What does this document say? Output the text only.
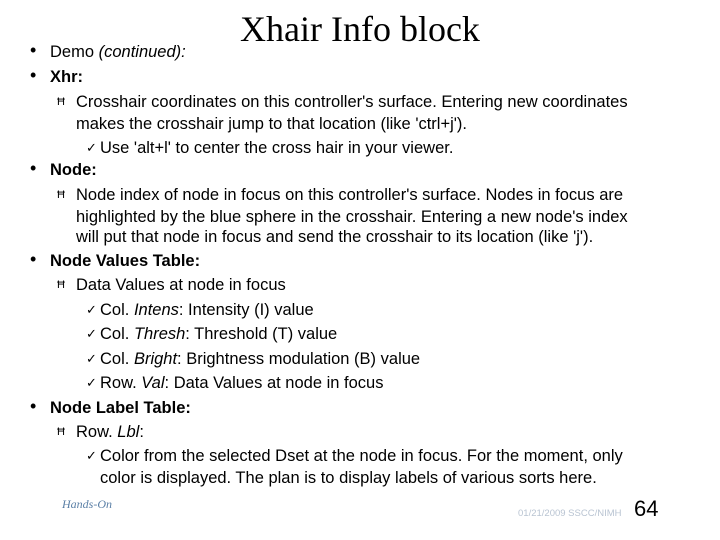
Xhair Info block
•
•
•
•
•
Demo (continued):
Xhr:
Ħ Crosshair coordinates on this controller's surface. Entering new coordinates
makes the crosshair jump to that location (like 'ctrl+j').
✓ Use 'alt+l' to center the cross hair in your viewer.
Node:
Ħ Node index of node in focus on this controller's surface. Nodes in focus are
highlighted by the blue sphere in the crosshair. Entering a new node's index
will put that node in focus and send the crosshair to its location (like 'j').
Node Values Table:
Ħ Data Values at node in focus
✓ Col. Intens: Intensity (I) value
✓ Col. Thresh: Threshold (T) value
✓ Col. Bright: Brightness modulation (B) value
✓ Row. Val: Data Values at node in focus
Node Label Table:
Ħ Row. Lbl:
✓ Color from the selected Dset at the node in focus. For the moment, only
color is displayed. The plan is to display labels of various sorts here.
Hands-On
01/21/2009 SSCC/NIMH 64
